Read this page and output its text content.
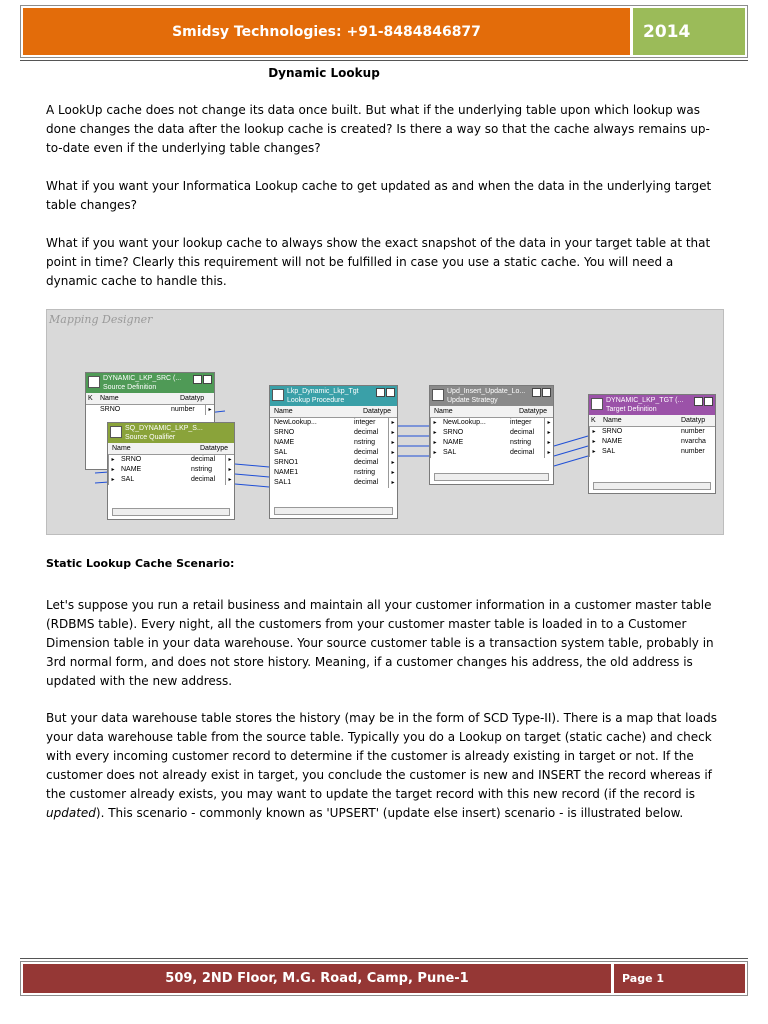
Smidsy Technologies: +91-8484846877	2014
Dynamic Lookup

A LookUp cache does not change its data once built. But what if the underlying table upon which lookup was done changes the data after the lookup cache is created? Is there a way so that the cache always remains up-to-date even if the underlying table changes?

What if you want your Informatica Lookup cache to get updated as and when the data in the underlying target table changes?

What if you want your lookup cache to always show the exact snapshot of the data in your target table at that point in time? Clearly this requirement will not be fulfilled in case you use a static cache. You will need a dynamic cache to handle this.

Mapping Designer
DYNAMIC_LKP_SRC (...
Source Definition
K	Name	Datatyp
SRNO	number	▸
SQ_DYNAMIC_LKP_S...
Source Qualifier
Name	Datatype
▸ SRNO	decimal	▸
▸ NAME	nstring	▸
▸ SAL	decimal	▸
Lkp_Dynamic_Lkp_Tgt
Lookup Procedure
Name	Datatype
NewLookup...	integer	▸
SRNO	decimal	▸
NAME	nstring	▸
SAL	decimal	▸
SRNO1	decimal	▸
NAME1	nstring	▸
SAL1	decimal	▸
Upd_Insert_Update_Lo...
Update Strategy
Name	Datatype
▸ NewLookup...	integer	▸
▸ SRNO	decimal	▸
▸ NAME	nstring	▸
▸ SAL	decimal	▸
DYNAMIC_LKP_TGT (...
Target Definition
K	Name	Datatyp
▸ SRNO	number
▸ NAME	nvarcha
▸ SAL	number
Static Lookup Cache Scenario:

Let's suppose you run a retail business and maintain all your customer information in a customer master table (RDBMS table). Every night, all the customers from your customer master table is loaded in to a Customer Dimension table in your data warehouse. Your source customer table is a transaction system table, probably in 3rd normal form, and does not store history. Meaning, if a customer changes his address, the old address is updated with the new address.

But your data warehouse table stores the history (may be in the form of SCD Type-II). There is a map that loads your data warehouse table from the source table. Typically you do a Lookup on target (static cache) and check with every incoming customer record to determine if the customer is already existing in target or not. If the customer does not already exist in target, you conclude the customer is new and INSERT the record whereas if the customer already exists, you may want to update the target record with this new record (if the record is updated). This scenario - commonly known as 'UPSERT' (update else insert) scenario - is illustrated below.

509, 2ND Floor, M.G. Road, Camp, Pune-1	Page 1
